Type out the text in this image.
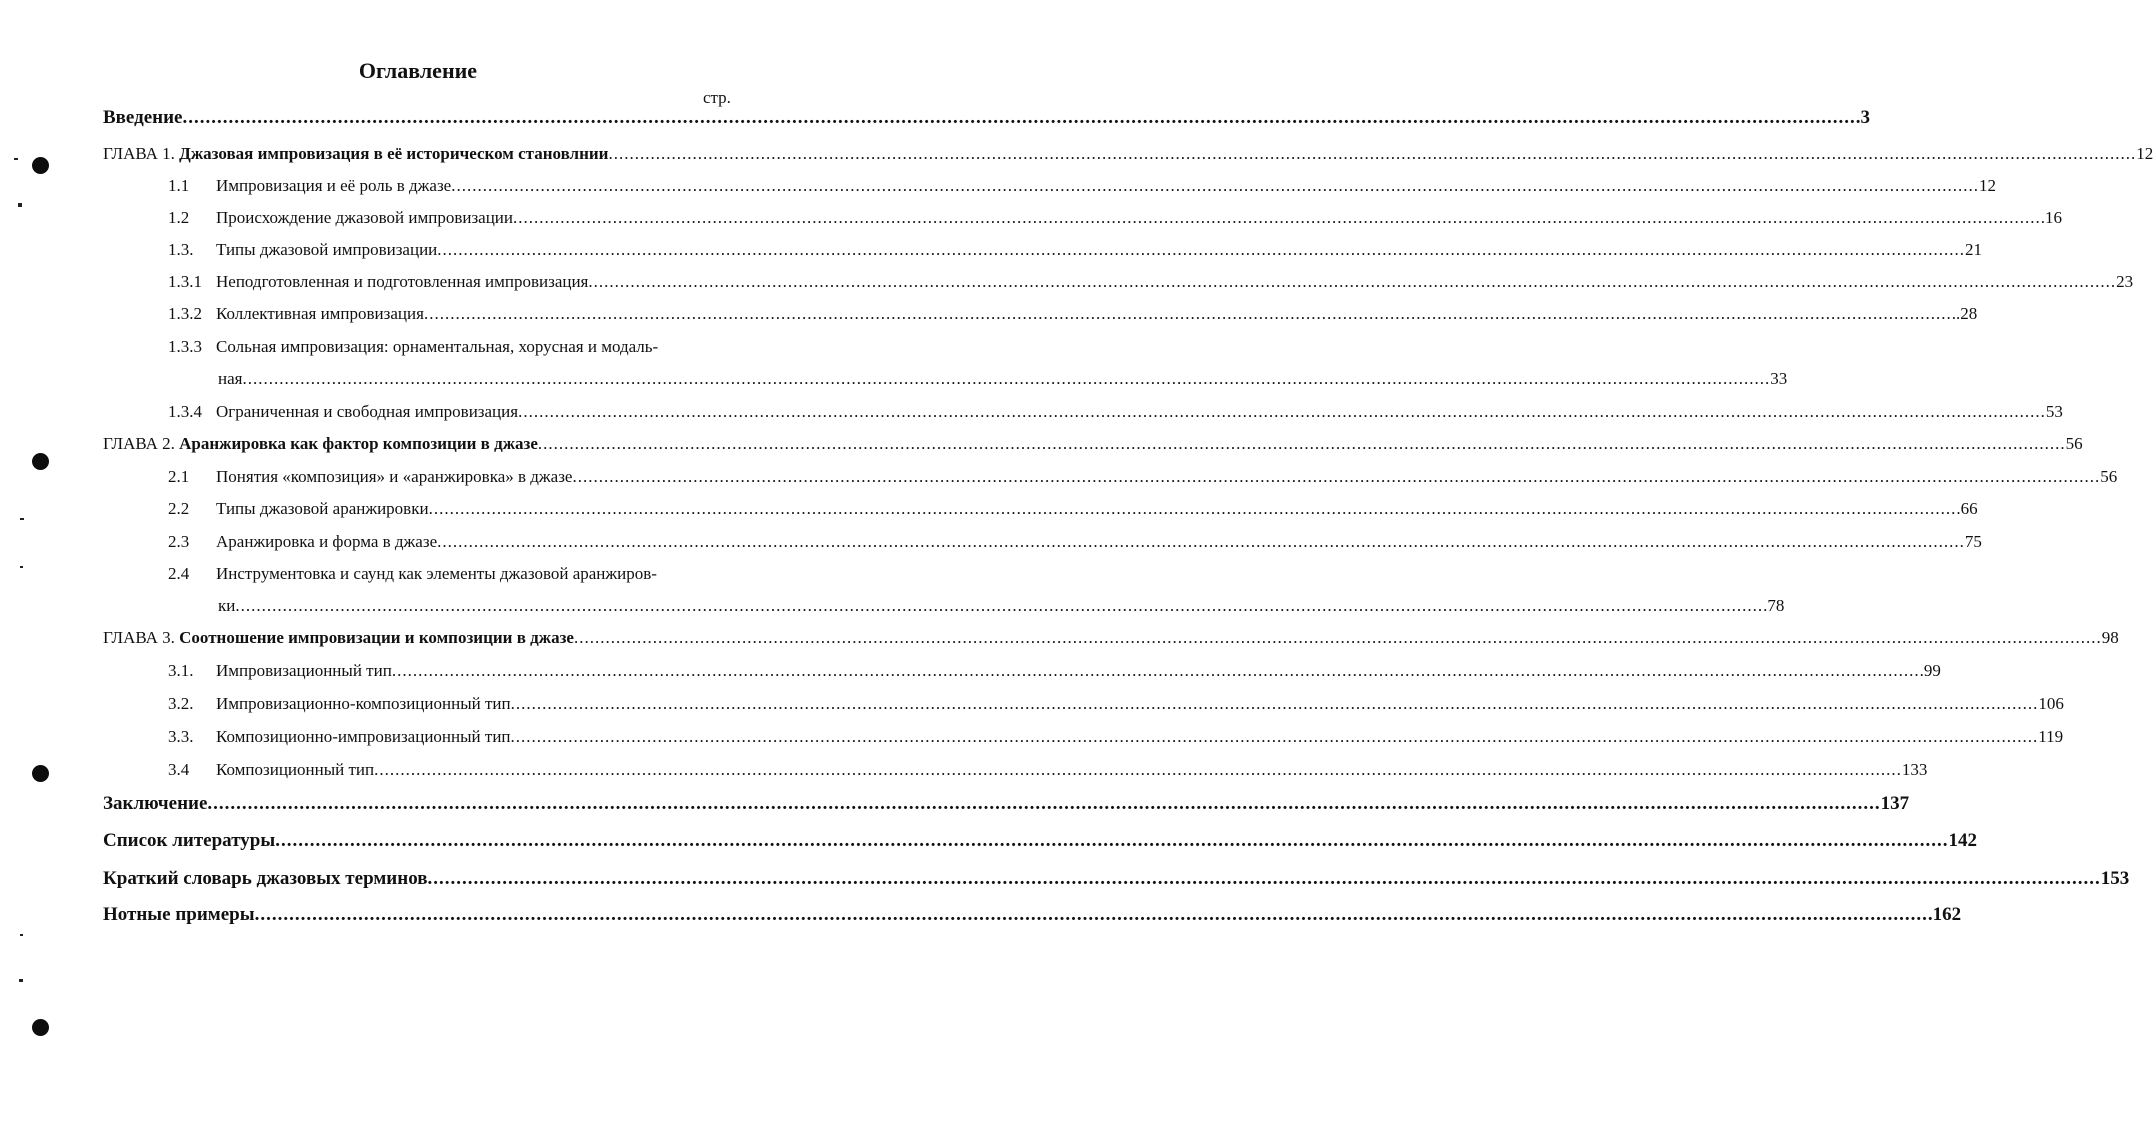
Оглавление
стр.
Введение ................................................................................................................................................................................................................................................................................................... .3
ГЛАВА 1. Джазовая импровизация в её историческом становлнии ................................................................................................................................................................................................................................................................................................... 12
1.1	Импровизация и её роль в джазе ................................................................................................................................................................................................................................................................................................... 12
1.2	Происхождение джазовой импровизации ................................................................................................................................................................................................................................................................................................... .16
1.3.	Типы джазовой импровизации ................................................................................................................................................................................................................................................................................................... 21
1.3.1 Неподготовленная и подготовленная импровизация ................................................................................................................................................................................................................................................................................................... 23
1.3.2 Коллективная импровизация ................................................................................................................................................................................................................................................................................................... ..28
1.3.3 Сольная импровизация: орнаментальная, хорусная и модаль-
ная ................................................................................................................................................................................................................................................................................................... 33
1.3.4 Ограниченная и свободная импровизация ................................................................................................................................................................................................................................................................................................... 53
ГЛАВА 2. Аранжировка как фактор композиции в джазе ................................................................................................................................................................................................................................................................................................... 56
2.1	Понятия «композиция» и «аранжировка» в джазе ................................................................................................................................................................................................................................................................................................... 56
2.2	Типы джазовой аранжировки ................................................................................................................................................................................................................................................................................................... .66
2.3	Аранжировка и форма в джазе ................................................................................................................................................................................................................................................................................................... 75
2.4	Инструментовка и саунд как элементы джазовой аранжиров-
ки ................................................................................................................................................................................................................................................................................................... .78
ГЛАВА 3. Соотношение импровизации и композиции в джазе ................................................................................................................................................................................................................................................................................................... 98
3.1.	Импровизационный тип ................................................................................................................................................................................................................................................................................................... .99
3.2.	Импровизационно-композиционный тип ................................................................................................................................................................................................................................................................................................... 106
3.3.	Композиционно-импровизационный тип ................................................................................................................................................................................................................................................................................................... 119
3.4	Композиционный тип ................................................................................................................................................................................................................................................................................................... 133
Заключение ................................................................................................................................................................................................................................................................................................... 137
Список литературы ................................................................................................................................................................................................................................................................................................... 142
Краткий словарь джазовых терминов ................................................................................................................................................................................................................................................................................................... 153
Нотные примеры ................................................................................................................................................................................................................................................................................................... .162
